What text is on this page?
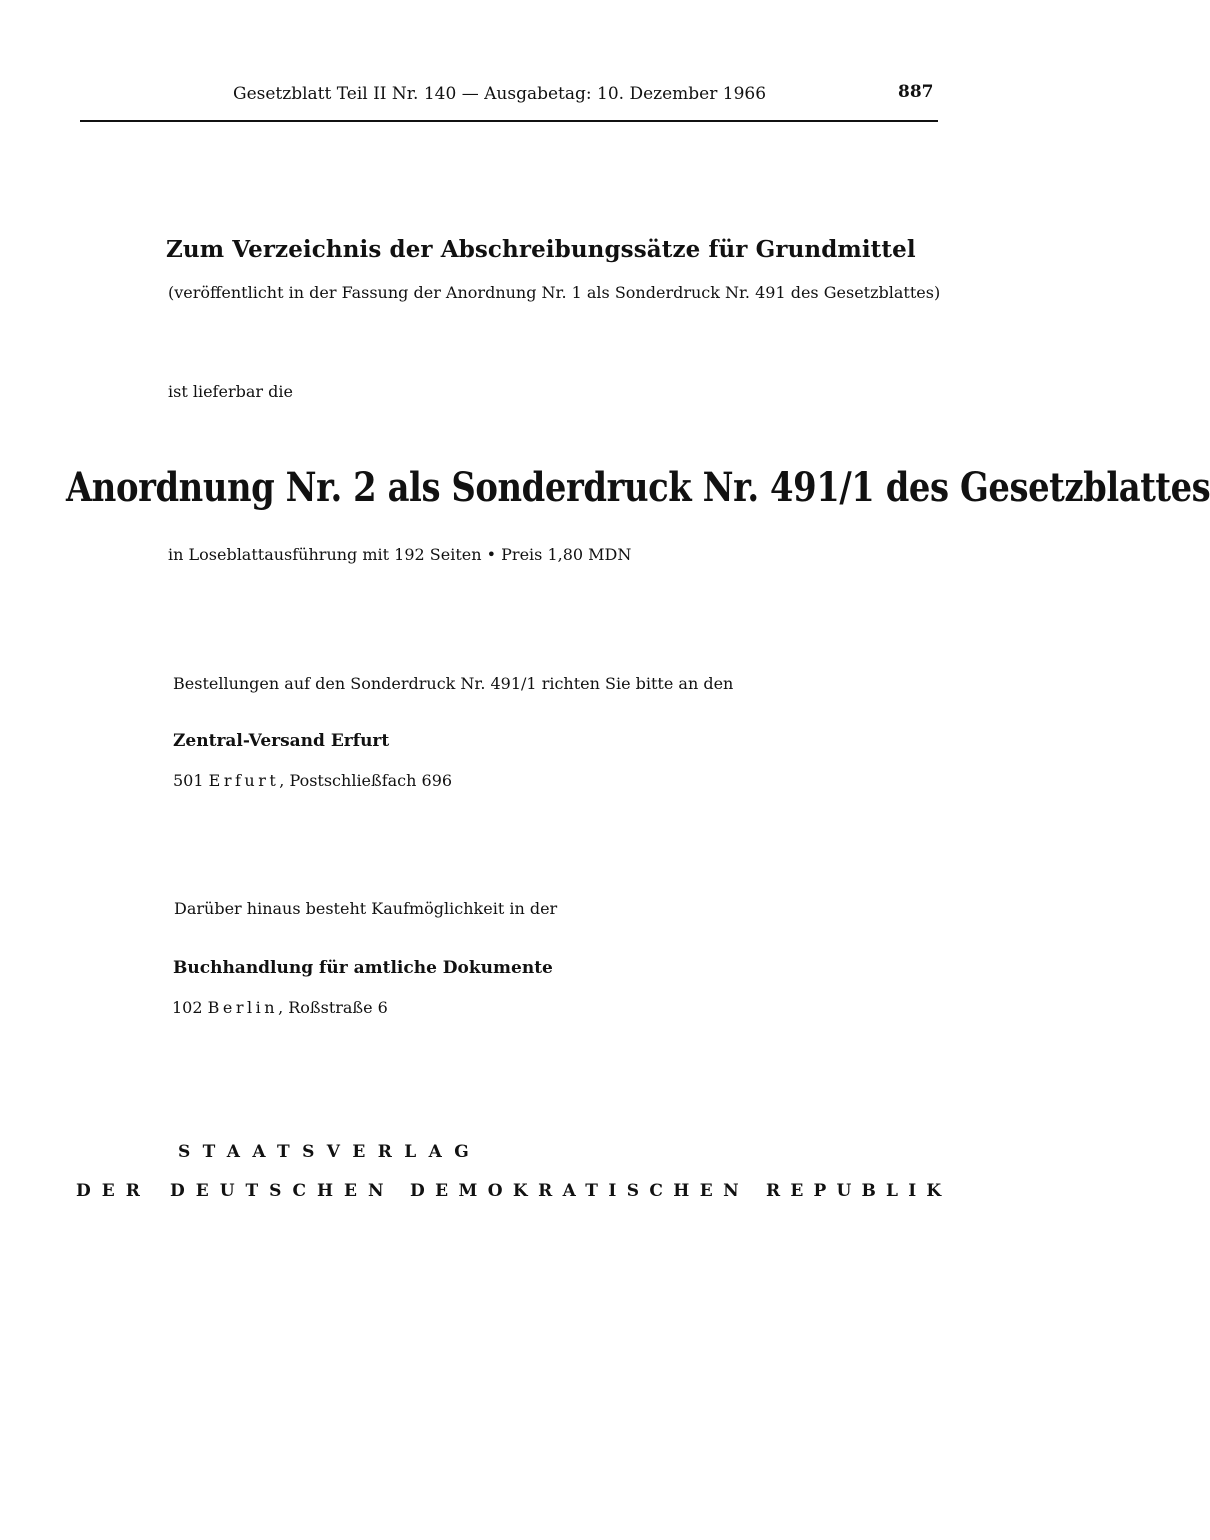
Gesetzblatt Teil II Nr. 140 — Ausgabetag: 10. Dezember 1966	887
Zum Verzeichnis der Abschreibungssätze für Grundmittel
(veröffentlicht in der Fassung der Anordnung Nr. 1 als Sonderdruck Nr. 491 des Gesetzblattes)
ist lieferbar die
Anordnung Nr. 2 als Sonderdruck Nr. 491/1 des Gesetzblattes
in Loseblattausführung mit 192 Seiten • Preis 1,80 MDN
Bestellungen auf den Sonderdruck Nr. 491/1 richten Sie bitte an den
Zentral-Versand Erfurt
501 Erfurt, Postschließfach 696
Darüber hinaus besteht Kaufmöglichkeit in der
Buchhandlung für amtliche Dokumente
102 Berlin, Roßstraße 6
STAATSVERLAG
DER DEUTSCHEN DEMOKRATISCHEN REPUBLIK
